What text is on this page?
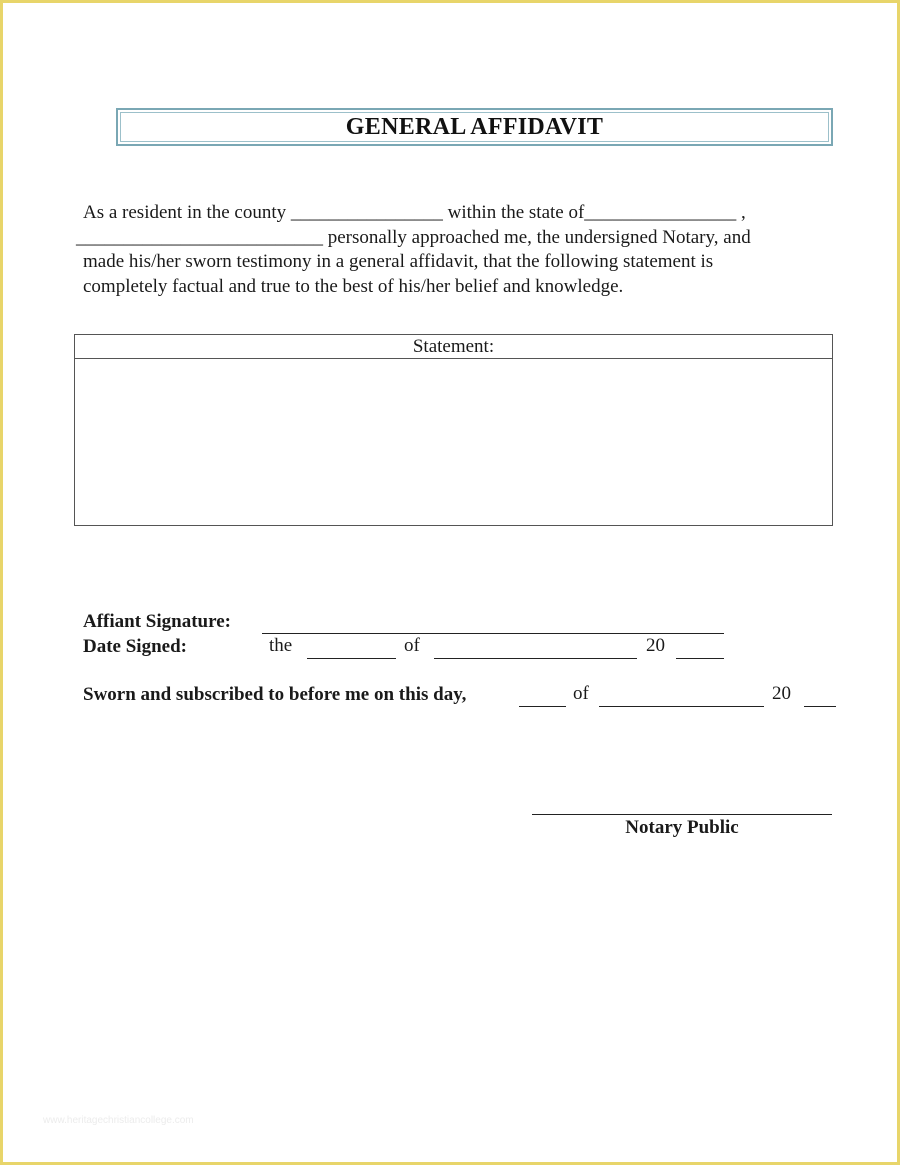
GENERAL AFFIDAVIT
As a resident in the county ________________ within the state of________________ ,
__________________________ personally approached me, the undersigned Notary, and
made his/her sworn testimony in a general affidavit, that the following statement is
completely factual and true to the best of his/her belief and knowledge.
Statement:
Affiant Signature:
Date Signed:	the	of	20
Sworn and subscribed to before me on this day,	of	20
Notary Public
www.heritagechristiancollege.com
